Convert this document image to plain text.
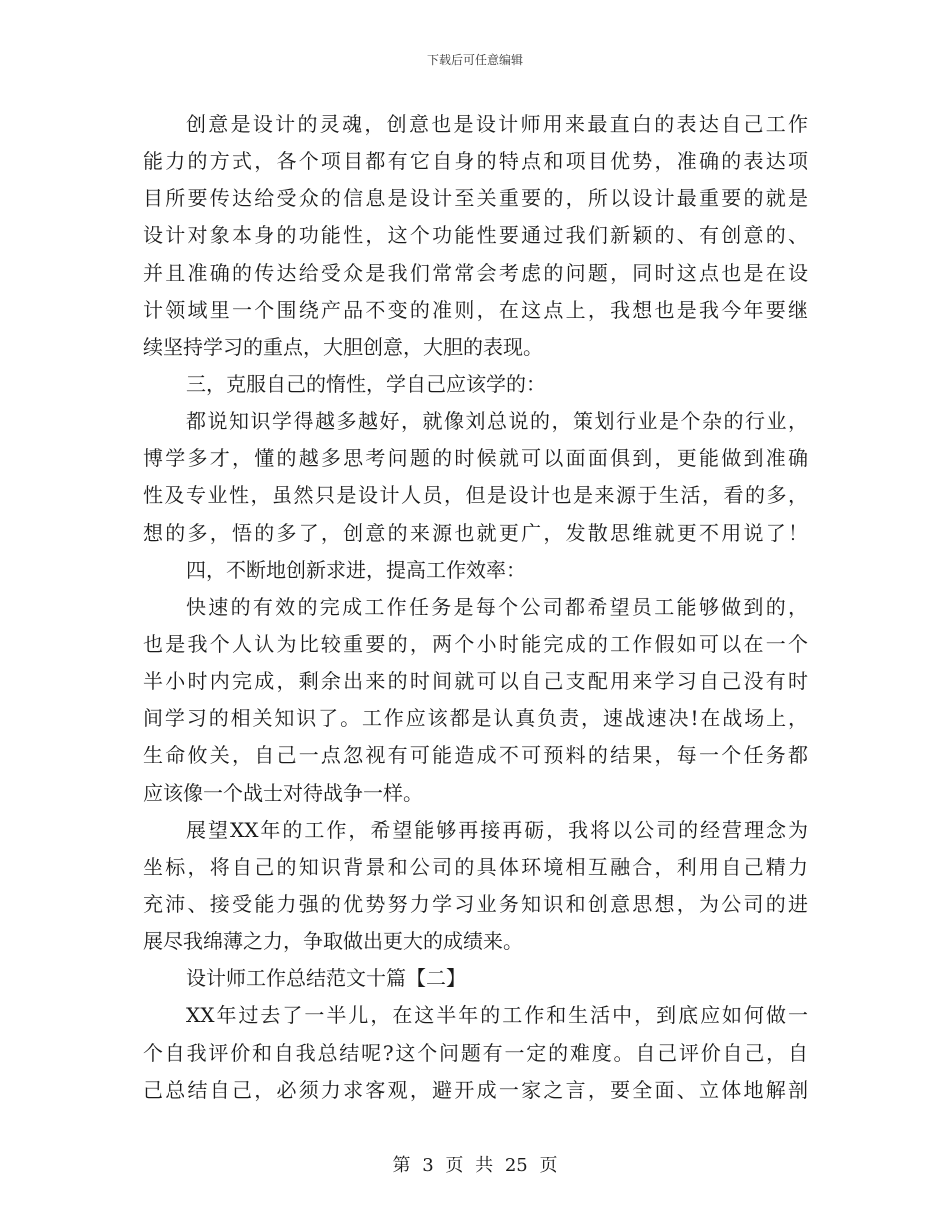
下载后可任意编辑
创意是设计的灵魂，创意也是设计师用来最直白的表达自己工作
能力的方式，各个项目都有它自身的特点和项目优势，准确的表达项
目所要传达给受众的信息是设计至关重要的，所以设计最重要的就是
设计对象本身的功能性，这个功能性要通过我们新颖的、有创意的、
并且准确的传达给受众是我们常常会考虑的问题，同时这点也是在设
计领域里一个围绕产品不变的准则，在这点上，我想也是我今年要继
续坚持学习的重点，大胆创意，大胆的表现。
三，克服自己的惰性，学自己应该学的：
都说知识学得越多越好，就像刘总说的，策划行业是个杂的行业，
博学多才，懂的越多思考问题的时候就可以面面俱到，更能做到准确
性及专业性，虽然只是设计人员，但是设计也是来源于生活，看的多，
想的多，悟的多了，创意的来源也就更广，发散思维就更不用说了！
四，不断地创新求进，提高工作效率：
快速的有效的完成工作任务是每个公司都希望员工能够做到的，
也是我个人认为比较重要的，两个小时能完成的工作假如可以在一个
半小时内完成，剩余出来的时间就可以自己支配用来学习自己没有时
间学习的相关知识了。工作应该都是认真负责，速战速决!在战场上，
生命攸关，自己一点忽视有可能造成不可预料的结果，每一个任务都
应该像一个战士对待战争一样。
展望XX年的工作，希望能够再接再砺，我将以公司的经营理念为
坐标，将自己的知识背景和公司的具体环境相互融合，利用自己精力
充沛、接受能力强的优势努力学习业务知识和创意思想，为公司的进
展尽我绵薄之力，争取做出更大的成绩来。
设计师工作总结范文十篇【二】
XX年过去了一半儿，在这半年的工作和生活中，到底应如何做一
个自我评价和自我总结呢?这个问题有一定的难度。自己评价自己，自
己总结自己，必须力求客观，避开成一家之言，要全面、立体地解剖
第 3 页 共 25 页
